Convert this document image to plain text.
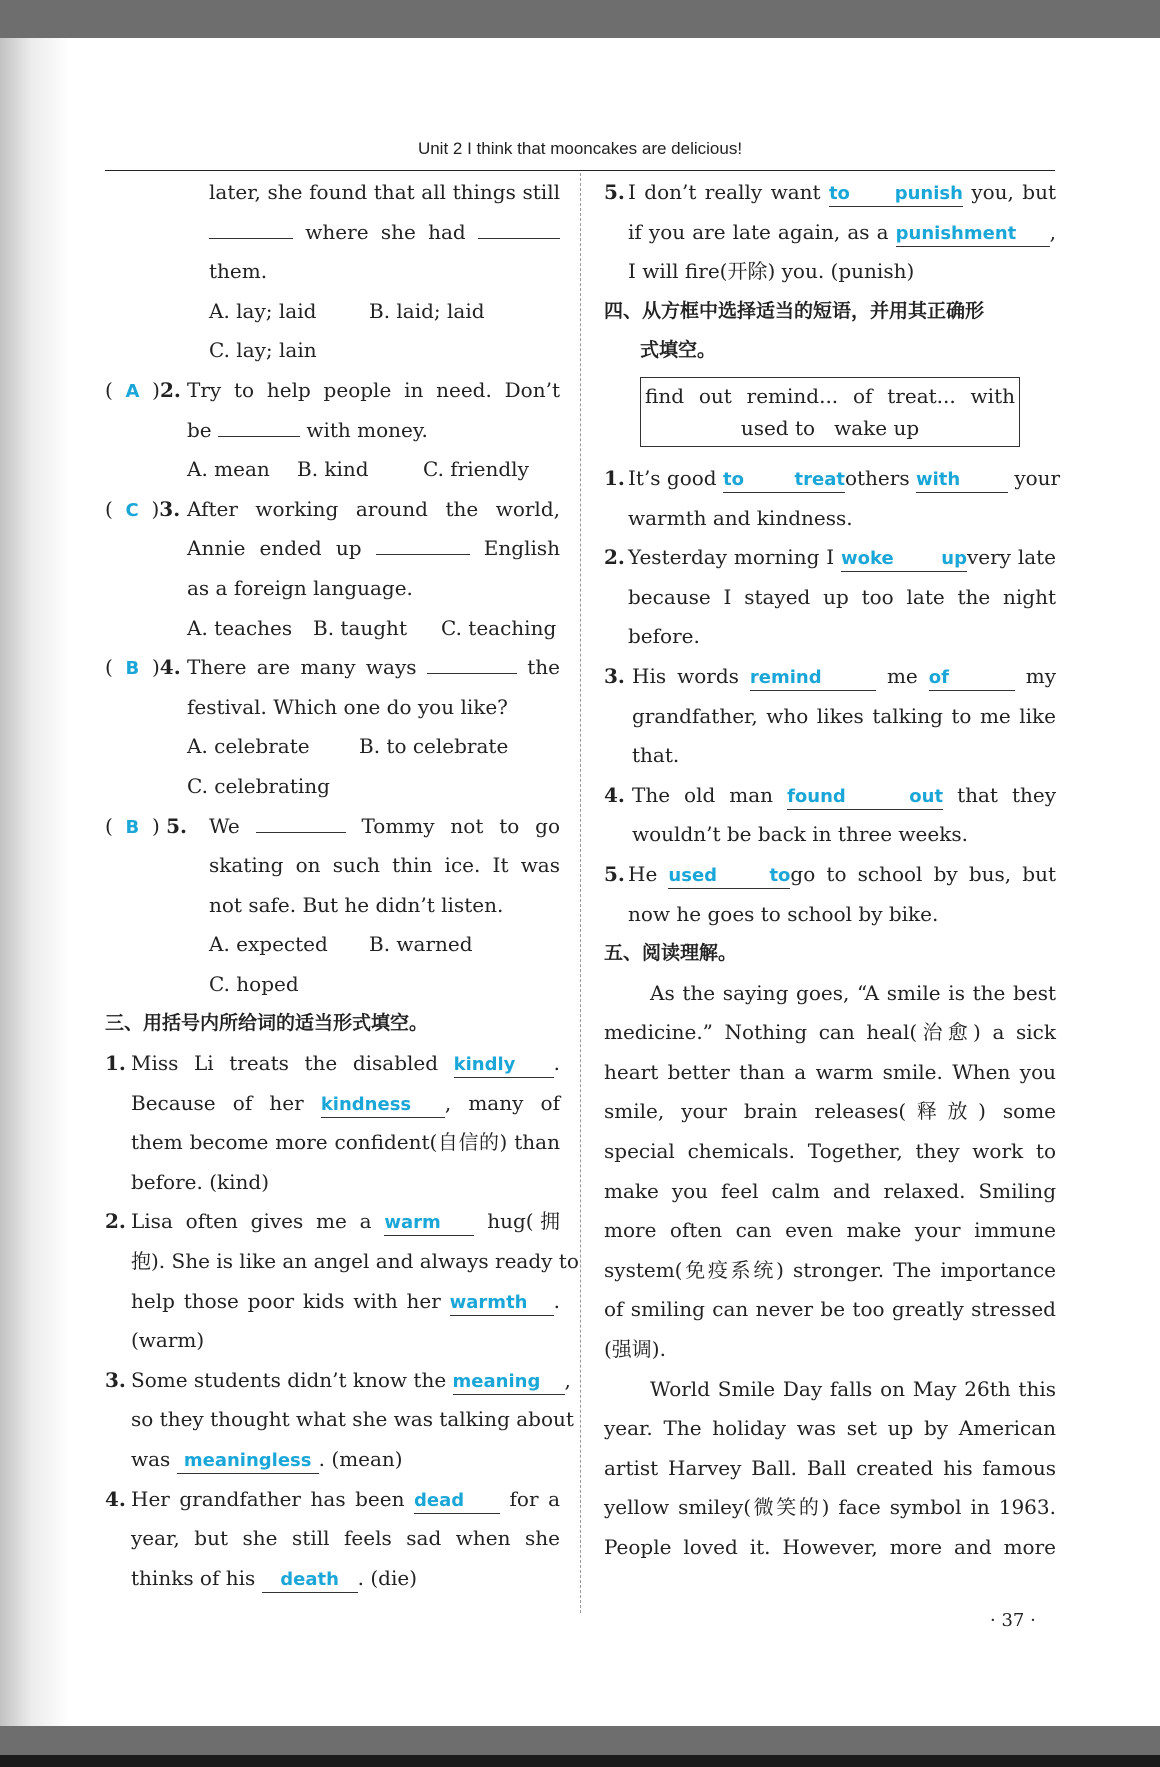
Unit 2 I think that mooncakes are delicious!
later, she found that all things still
where she had
them.
A. lay; laid	B. laid; laid
C. lay; lain
(  A  )2. Try to help people in need. Don’t
be	with money.
A. mean B. kind	C. friendly
(  C  )3. After working around the world,
Annie ended up	English
as a foreign language.
A. teaches B. taught C. teaching
(  B  )4. There are many ways	the
festival. Which one do you like?
A. celebrate B. to celebrate
C. celebrating
(  B  ) 5.	We	Tommy not to go
skating on such thin ice. It was
not safe. But he didn’t listen.
A. expected B. warned
C. hoped
三、用括号内所给词的适当形式填空。
1. Miss Li treats the disabled kindly .
Because of her kindness , many of
them become more confident(自信的) than
before. (kind)
2. Lisa often gives me a warm hug(拥
抱). She is like an angel and always ready to
help those poor kids with her warmth .
(warm)
3. Some students didn’t know the meaning ,
so they thought what she was talking about
was meaningless . (mean)
4. Her grandfather has been dead for a
year, but she still feels sad when she
thinks of his death . (die)
5. I don’t really want to punish you, but
if you are late again, as a punishment ,
I will fire(开除) you. (punish)
四、从方框中选择适当的短语，并用其正确形
式填空。
find out remind... of treat... with
used to wake up
1. It’s good to treatothers with	your
warmth and kindness.
2. Yesterday morning I woke upvery late
because I stayed up too late the night
before.
3. His words remind	me of	my
grandfather, who likes talking to me like
that.
4. The old man found out that they
wouldn’t be back in three weeks.
5. He used togo to school by bus, but
now he goes to school by bike.
五、阅读理解。
As the saying goes, “A smile is the best
medicine.” Nothing can heal(治愈) a sick
heart better than a warm smile. When you
smile, your brain releases(释放) some
special chemicals. Together, they work to
make you feel calm and relaxed. Smiling
more often can even make your immune
system(免疫系统) stronger. The importance
of smiling can never be too greatly stressed
(强调).
World Smile Day falls on May 26th this
year. The holiday was set up by American
artist Harvey Ball. Ball created his famous
yellow smiley(微笑的) face symbol in 1963.
People loved it. However, more and more
· 37 ·
